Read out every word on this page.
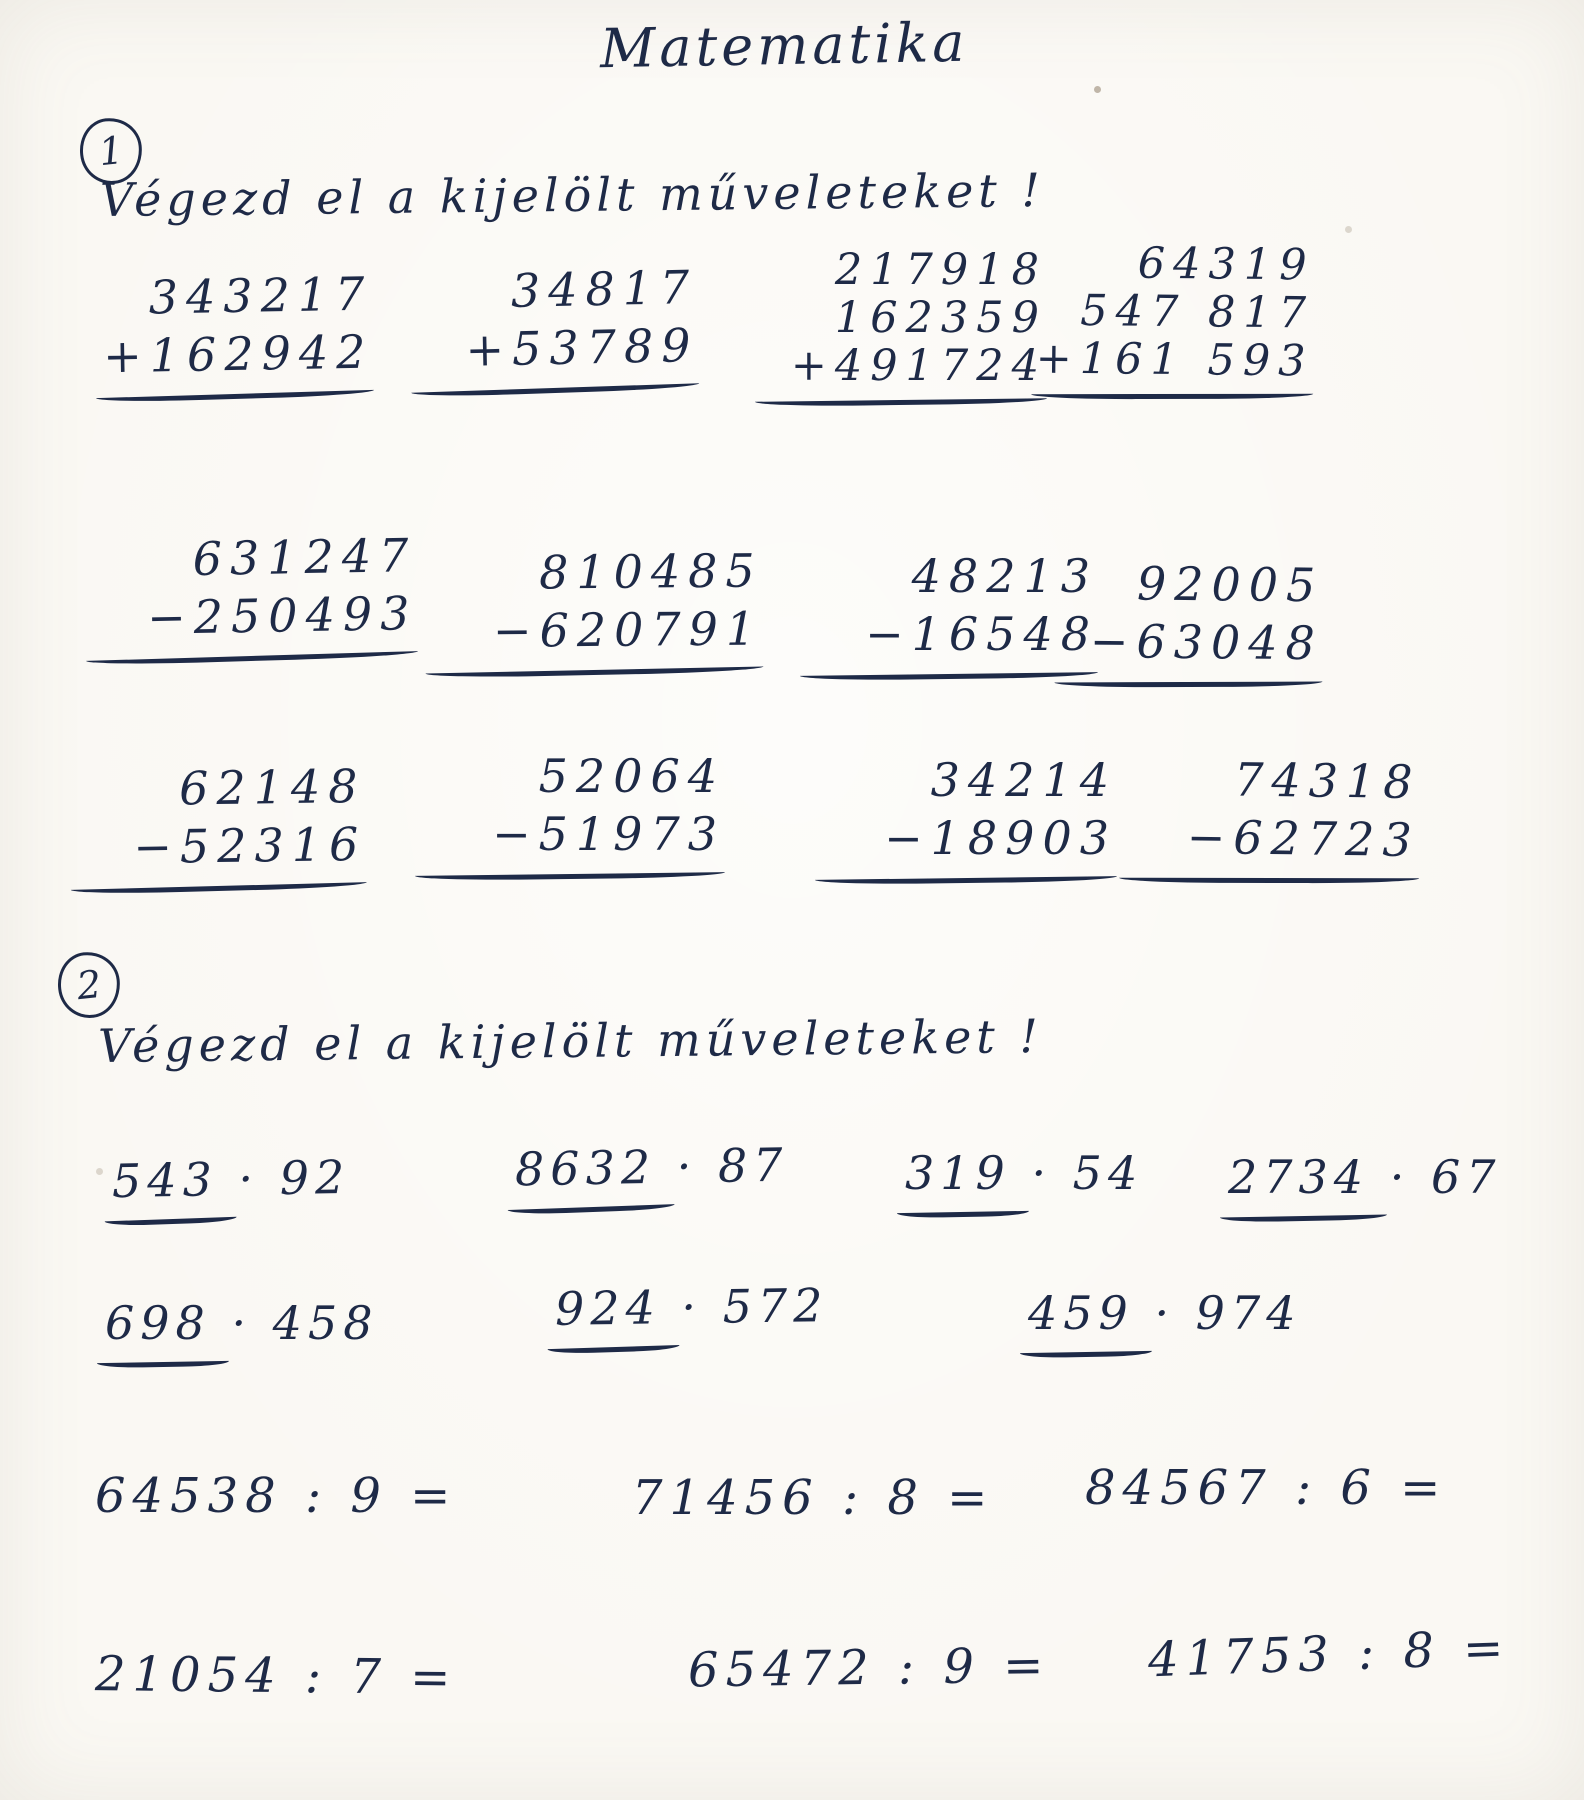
Matematika
1
Végezd el a kijelölt műveleteket !
343217
+162942
34817
+53789
217918
162359
+491724
64319
547 817
+161 593
631247
−250493
810485
−620791
48213
−16548
92005
−63048
62148
−52316
52064
−51973
34214
−18903
74318
−62723
2
Végezd el a kijelölt műveleteket !
543 · 92	8632 · 87	319 · 54 2734 · 67
698 · 458	924 · 572	459 · 974
64538 : 9 =	71456 : 8 = 84567 : 6 =
21054 : 7 =	65472 : 9 = 41753 : 8 =
